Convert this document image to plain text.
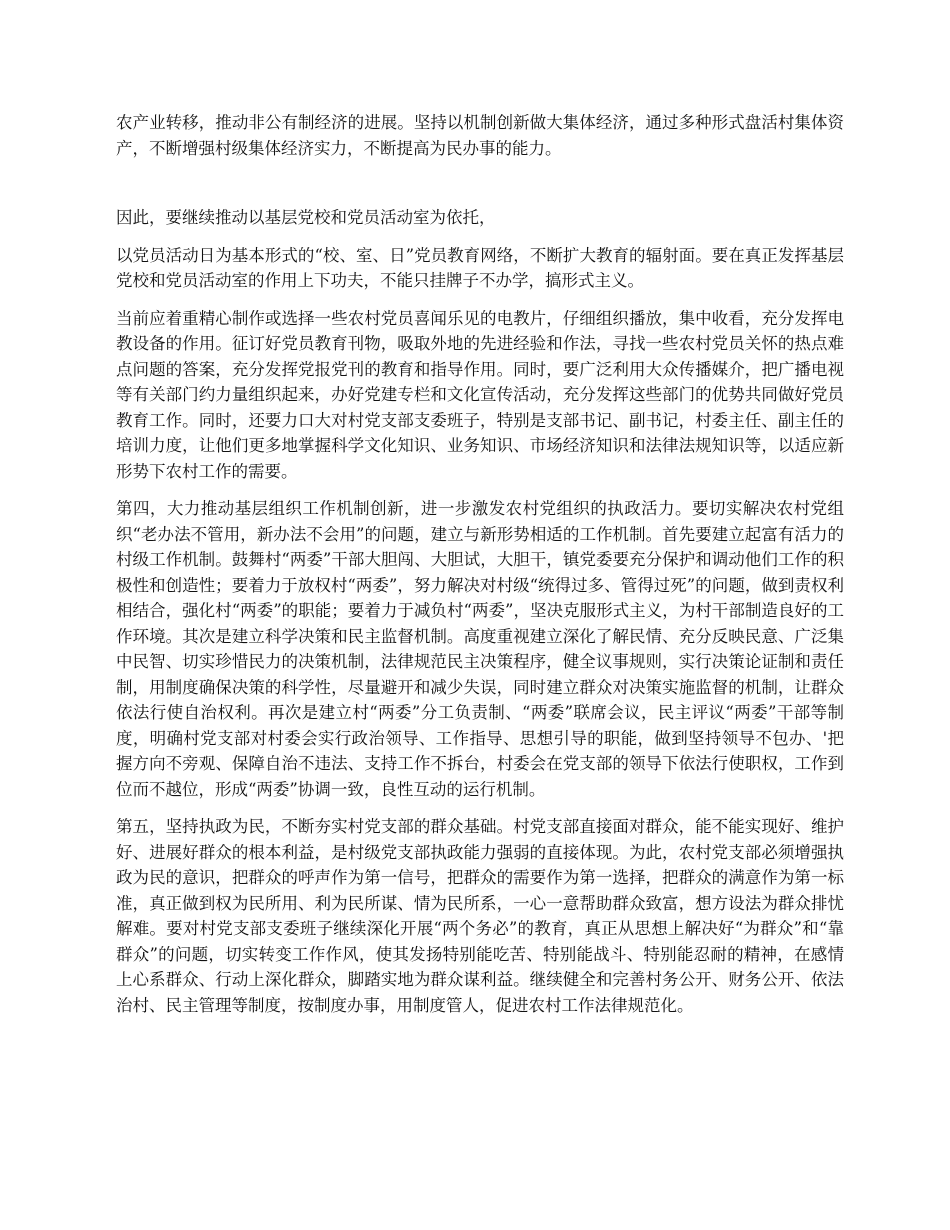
农产业转移，推动非公有制经济的进展。坚持以机制创新做大集体经济，通过多种形式盘活村集体资产，不断增强村级集体经济实力，不断提高为民办事的能力。

因此，要继续推动以基层党校和党员活动室为依托，

以党员活动日为基本形式的“校、室、日”党员教育网络，不断扩大教育的辐射面。要在真正发挥基层党校和党员活动室的作用上下功夫，不能只挂牌子不办学，搞形式主义。

当前应着重精心制作或选择一些农村党员喜闻乐见的电教片，仔细组织播放，集中收看，充分发挥电教设备的作用。征订好党员教育刊物，吸取外地的先进经验和作法，寻找一些农村党员关怀的热点难点问题的答案，充分发挥党报党刊的教育和指导作用。同时，要广泛利用大众传播媒介，把广播电视等有关部门约力量组织起来，办好党建专栏和文化宣传活动，充分发挥这些部门的优势共同做好党员教育工作。同时，还要力口大对村党支部支委班子，特别是支部书记、副书记，村委主任、副主任的培训力度，让他们更多地掌握科学文化知识、业务知识、市场经济知识和法律法规知识等，以适应新形势下农村工作的需要。

第四，大力推动基层组织工作机制创新，进一步激发农村党组织的执政活力。要切实解决农村党组织“老办法不管用，新办法不会用”的问题，建立与新形势相适的工作机制。首先要建立起富有活力的村级工作机制。鼓舞村“两委”干部大胆闯、大胆试，大胆干，镇党委要充分保护和调动他们工作的积极性和创造性；要着力于放权村“两委”，努力解决对村级“统得过多、管得过死”的问题，做到责权利相结合，强化村“两委”的职能；要着力于减负村“两委”，坚决克服形式主义，为村干部制造良好的工作环境。其次是建立科学决策和民主监督机制。高度重视建立深化了解民情、充分反映民意、广泛集中民智、切实珍惜民力的决策机制，法律规范民主决策程序，健全议事规则，实行决策论证制和责任制，用制度确保决策的科学性，尽量避开和减少失误，同时建立群众对决策实施监督的机制，让群众依法行使自治权利。再次是建立村“两委”分工负责制、“两委”联席会议，民主评议“两委”干部等制度，明确村党支部对村委会实行政治领导、工作指导、思想引导的职能，做到坚持领导不包办、'把握方向不旁观、保障自治不违法、支持工作不拆台，村委会在党支部的领导下依法行使职权，工作到位而不越位，形成“两委”协调一致，良性互动的运行机制。

第五，坚持执政为民，不断夯实村党支部的群众基础。村党支部直接面对群众，能不能实现好、维护好、进展好群众的根本利益，是村级党支部执政能力强弱的直接体现。为此，农村党支部必须增强执政为民的意识，把群众的呼声作为第一信号，把群众的需要作为第一选择，把群众的满意作为第一标准，真正做到权为民所用、利为民所谋、情为民所系，一心一意帮助群众致富，想方设法为群众排忧解难。要对村党支部支委班子继续深化开展“两个务必”的教育，真正从思想上解决好“为群众”和“靠群众”的问题，切实转变工作作风，使其发扬特别能吃苦、特别能战斗、特别能忍耐的精神，在感情上心系群众、行动上深化群众，脚踏实地为群众谋利益。继续健全和完善村务公开、财务公开、依法治村、民主管理等制度，按制度办事，用制度管人，促进农村工作法律规范化。
